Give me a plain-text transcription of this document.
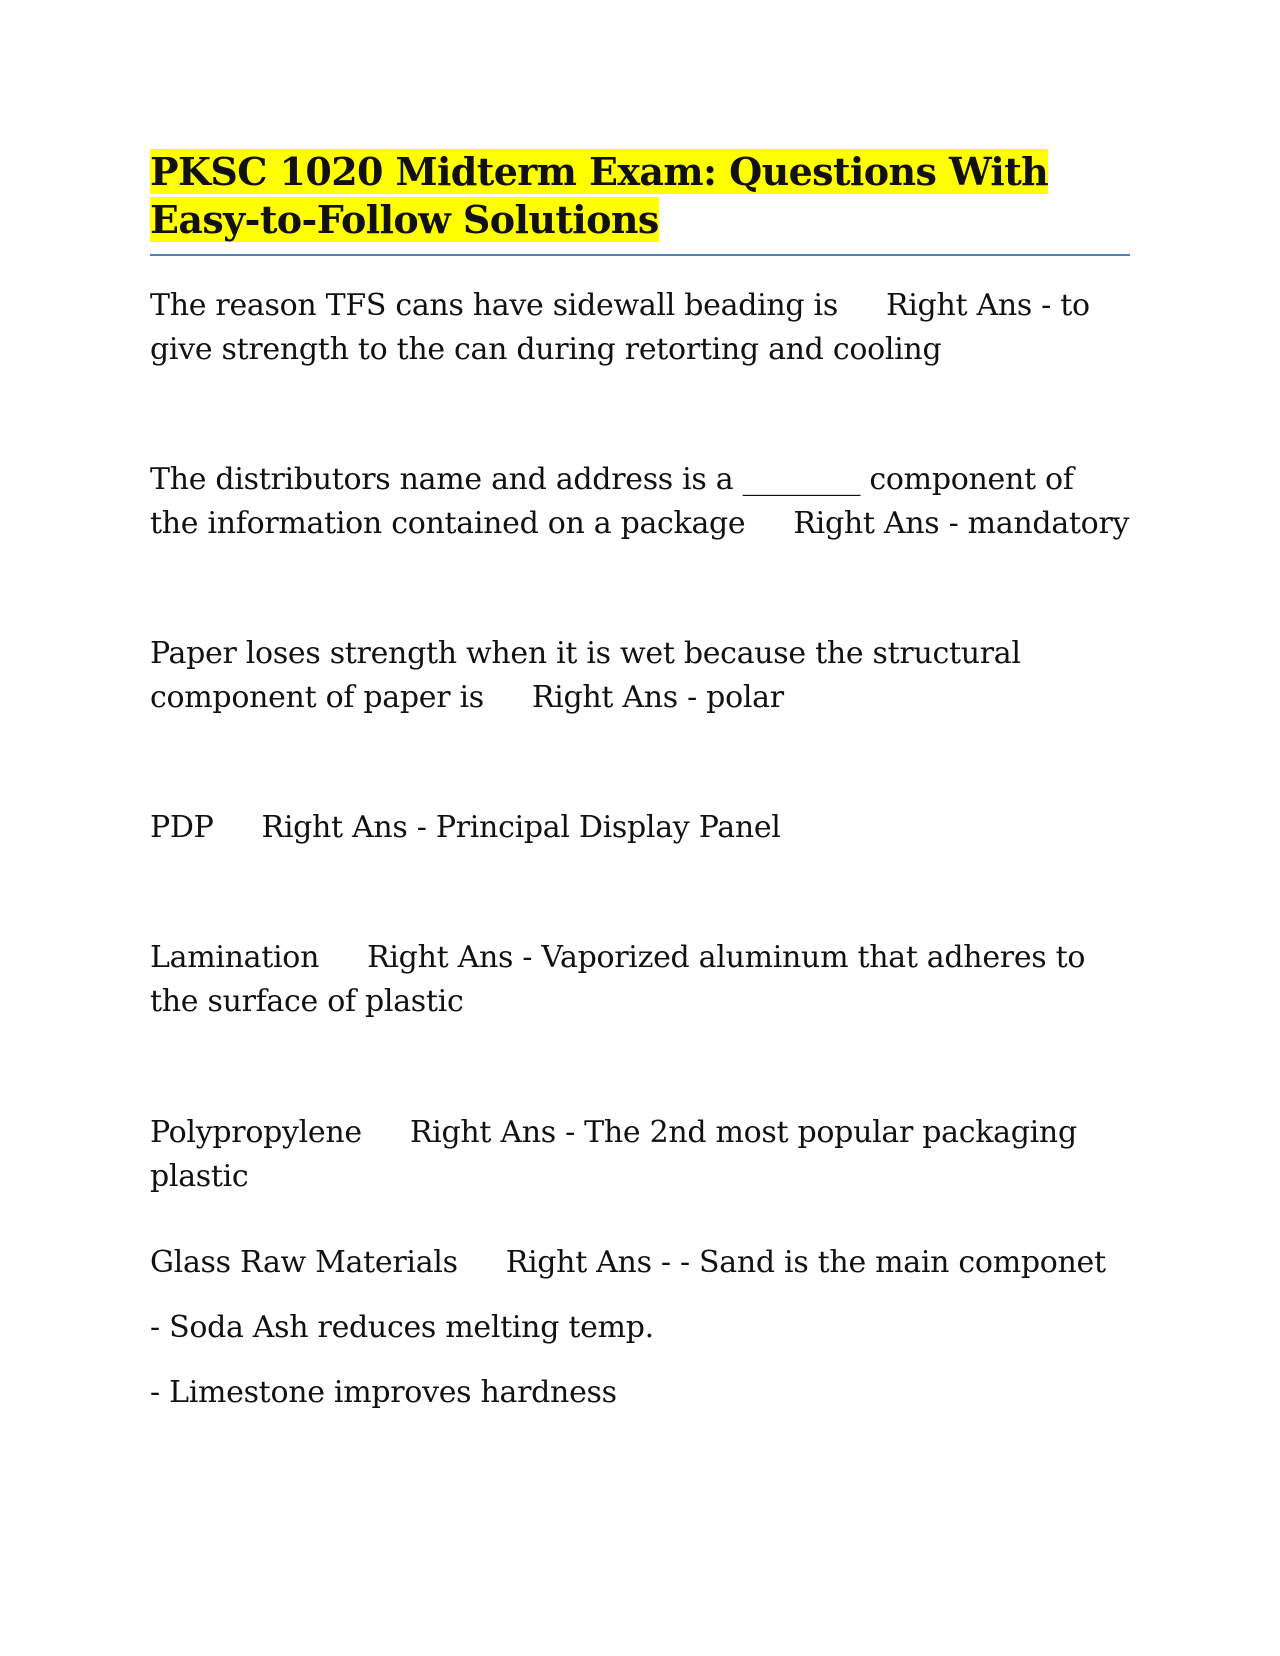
PKSC 1020 Midterm Exam: Questions With Easy-to-Follow Solutions

The reason TFS cans have sidewall beading is Right Ans - to give strength to the can during retorting and cooling

The distributors name and address is a ________ component of the information contained on a package Right Ans - mandatory

Paper loses strength when it is wet because the structural component of paper is Right Ans - polar

PDP Right Ans - Principal Display Panel

Lamination Right Ans - Vaporized aluminum that adheres to the surface of plastic

Polypropylene Right Ans - The 2nd most popular packaging plastic

Glass Raw Materials Right Ans - - Sand is the main componet

- Soda Ash reduces melting temp.

- Limestone improves hardness
